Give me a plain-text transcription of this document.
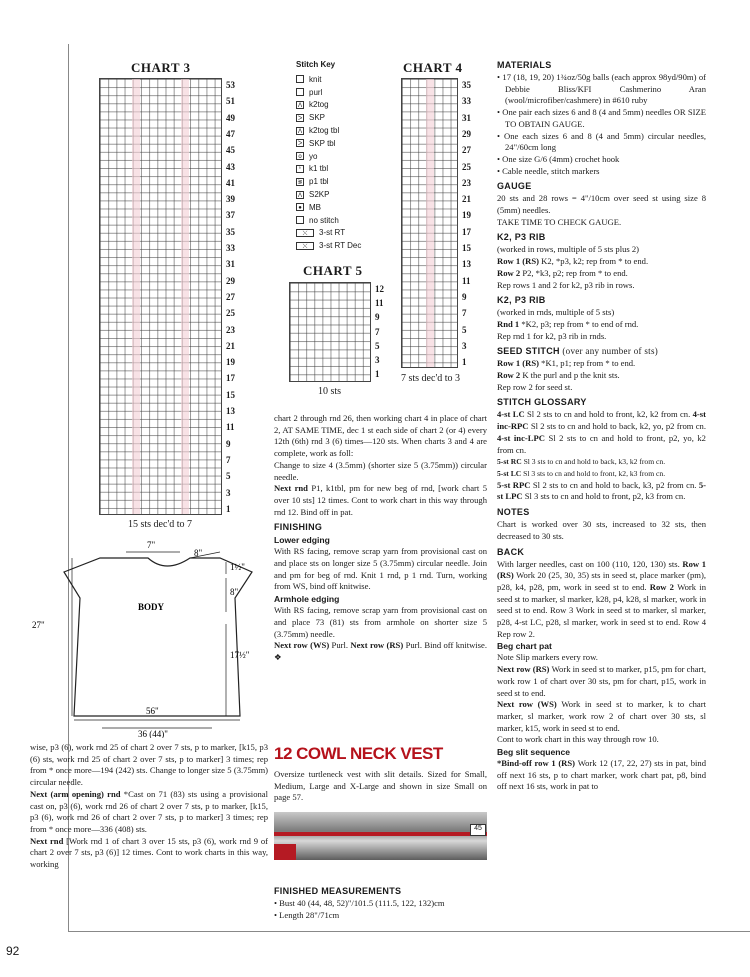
CHART 3
53
51
49
47
45
43
41
39
37
35
33
31
29
27
25
23
21
19
17
15
13
11
9
7
5
3
1
15 sts dec'd to 7
Stitch Key
knit
purl
ᐱ k2tog
ᐳ SKP
ᐱ k2tog tbl
ᐳ SKP tbl
o yo
ᕑ k1 tbl
ᕒ p1 tbl
Λ S2KP
● MB
no stitch
⤬	3-st RT
⤬	3-st RT Dec
CHART 4
35
33
31
29
27
25
23
21
19
17
15
13
11
9
7
5
3
1
7 sts dec'd to 3
CHART 5
12
11
9
7
5
3
1
10 sts
7"
8"
1½"
8"
27"
17½"
56"
36 (44)"
BODY

wise, p3 (6), work rnd 25 of chart 2 over 7 sts, p to marker, [k15, p3 (6) sts, work rnd 25 of chart 2 over 7 sts, p to marker] 3 times; rep from * once more—194 (242) sts. Change to longer size 5 (3.75mm) circular needle.

Next (arm opening) rnd *Cast on 71 (83) sts using a provisional cast on, p3 (6), work rnd 26 of chart 2 over 7 sts, p to marker, [k15, p3 (6), work rnd 26 of chart 2 over 7 sts, p to marker] 3 times; rep from * once more—336 (408) sts.

Next rnd [Work rnd 1 of chart 3 over 15 sts, p3 (6), work rnd 9 of chart 2 over 7 sts, p3 (6)] 12 times. Cont to work charts in this way, working

chart 2 through rnd 26, then working chart 4 in place of chart 2, AT SAME TIME, dec 1 st each side of chart 2 (or 4) every 12th (6th) rnd 3 (6) times—120 sts. When charts 3 and 4 are complete, work as foll:

Change to size 4 (3.5mm) (shorter size 5 (3.75mm)) circular needle.

Next rnd P1, k1tbl, pm for new beg of rnd, [work chart 5 over 10 sts] 12 times. Cont to work chart in this way through rnd 12. Bind off in pat.

FINISHING
Lower edging

With RS facing, remove scrap yarn from provisional cast on and place sts on longer size 5 (3.75mm) circular needle. Join and pm for beg of rnd. Knit 1 rnd, p 1 rnd. Turn, working from WS, bind off knitwise.

Armhole edging

With RS facing, remove scrap yarn from provisional cast on and place 73 (81) sts from armhole on shorter size 5 (3.75mm) needle.

Next row (WS) Purl. Next row (RS) Purl. Bind off knitwise. ❖

12 COWL NECK VEST

Oversize turtleneck vest with slit details. Sized for Small, Medium, Large and X-Large and shown in size Small on page 57.

45
FINISHED MEASUREMENTS
• Bust 40 (44, 48, 52)"/101.5 (111.5, 122, 132)cm
• Length 28"/71cm
MATERIALS
• 17 (18, 19, 20) 1¾oz/50g balls (each approx 98yd/90m) of Debbie Bliss/KFI Cashmerino Aran (wool/microfiber/cashmere) in #610 ruby
• One pair each sizes 6 and 8 (4 and 5mm) needles OR SIZE TO OBTAIN GAUGE.
• One each sizes 6 and 8 (4 and 5mm) circular needles, 24"/60cm long
• One size G/6 (4mm) crochet hook
• Cable needle, stitch markers
GAUGE

20 sts and 28 rows = 4"/10cm over seed st using size 8 (5mm) needles.

TAKE TIME TO CHECK GAUGE.

K2, P3 RIB

(worked in rows, multiple of 5 sts plus 2)

Row 1 (RS) K2, *p3, k2; rep from * to end.

Row 2 P2, *k3, p2; rep from * to end.

Rep rows 1 and 2 for k2, p3 rib in rows.

K2, P3 RIB

(worked in rnds, multiple of 5 sts)

Rnd 1 *K2, p3; rep from * to end of rnd.

Rep rnd 1 for k2, p3 rib in rnds.

SEED STITCH (over any number of sts)

Row 1 (RS) *K1, p1; rep from * to end.

Row 2 K the purl and p the knit sts.

Rep row 2 for seed st.

STITCH GLOSSARY

4-st LC Sl 2 sts to cn and hold to front, k2, k2 from cn. 4-st inc-RPC Sl 2 sts to cn and hold to back, k2, yo, p2 from cn. 4-st inc-LPC Sl 2 sts to cn and hold to front, p2, yo, k2 from cn.

5-st RC Sl 3 sts to cn and hold to back, k3, k2 from cn.

5-st LC Sl 3 sts to cn and hold to front, k2, k3 from cn.

5-st RPC Sl 2 sts to cn and hold to back, k3, p2 from cn. 5-st LPC Sl 3 sts to cn and hold to front, p2, k3 from cn.

NOTES

Chart is worked over 30 sts, increased to 32 sts, then decreased to 30 sts.

BACK

With larger needles, cast on 100 (110, 120, 130) sts. Row 1 (RS) Work 20 (25, 30, 35) sts in seed st, place marker (pm), p28, k4, p28, pm, work in seed st to end. Row 2 Work in seed st to marker, sl marker, k28, p4, k28, sl marker, work in seed st to end. Row 3 Work in seed st to marker, sl marker, p28, 4-st LC, p28, sl marker, work in seed st to end. Row 4 Rep row 2.

Beg chart pat

Note Slip markers every row.

Next row (RS) Work in seed st to marker, p15, pm for chart, work row 1 of chart over 30 sts, pm for chart, p15, work in seed st to end.

Next row (WS) Work in seed st to marker, k to chart marker, sl marker, work row 2 of chart over 30 sts, sl marker, k15, work in seed st to end.

Cont to work chart in this way through row 10.

Beg slit sequence

*Bind-off row 1 (RS) Work 12 (17, 22, 27) sts in pat, bind off next 16 sts, p to chart marker, work chart pat, p8, bind off next 16 sts, work in pat to

92
